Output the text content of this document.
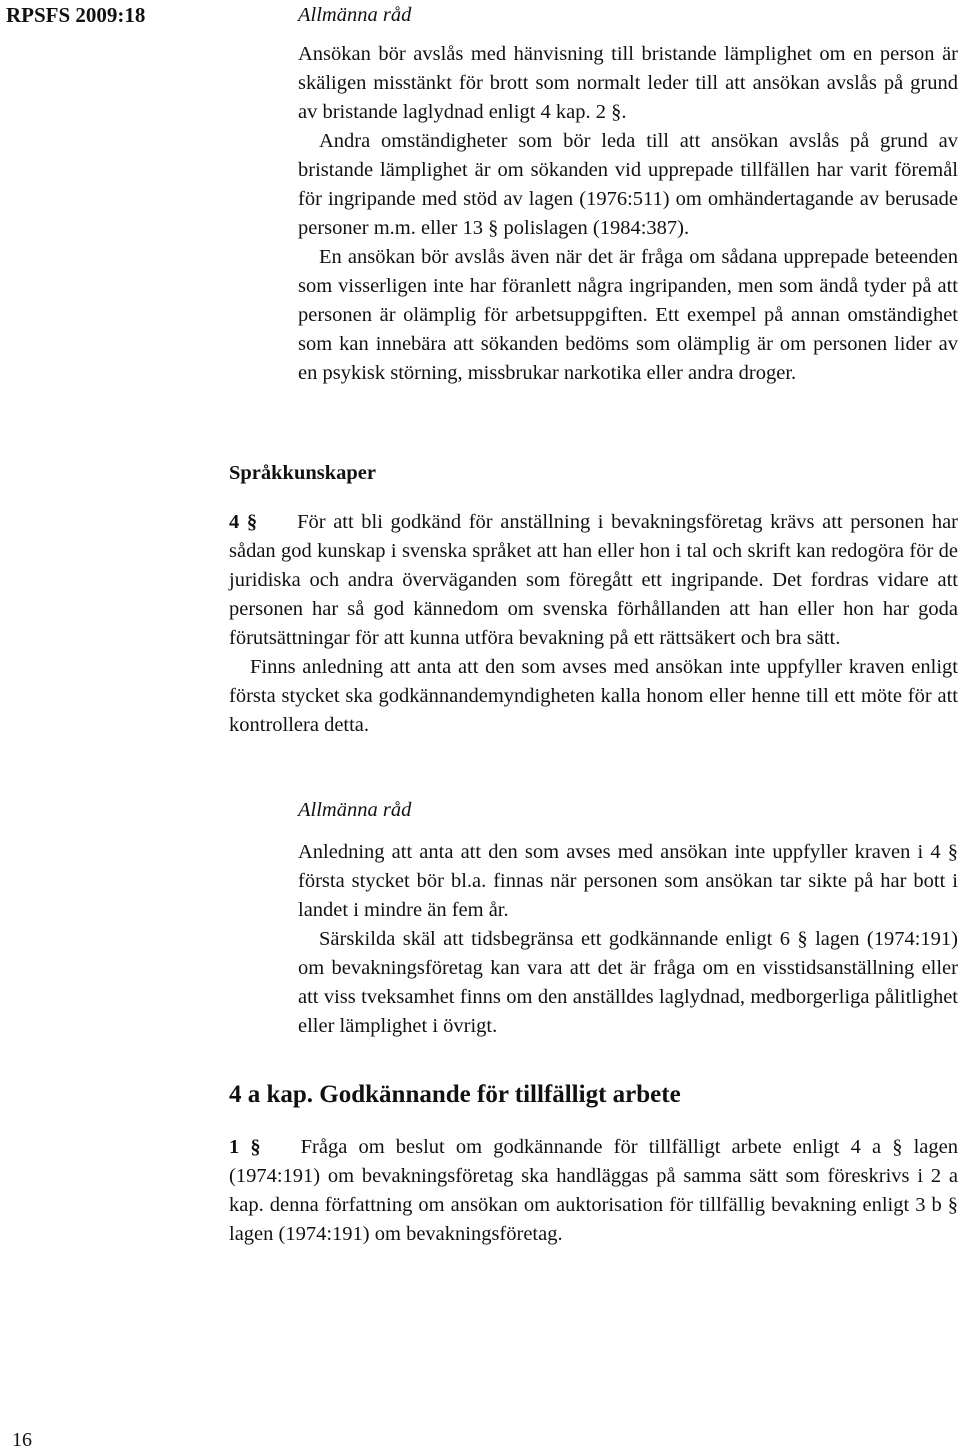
RPSFS 2009:18	Allmänna råd

Ansökan bör avslås med hänvisning till bristande lämplighet om en person är skäligen misstänkt för brott som normalt leder till att ansökan avslås på grund av bristande laglydnad enligt 4 kap. 2 §.

Andra omständigheter som bör leda till att ansökan avslås på grund av bristande lämplighet är om sökanden vid upprepade tillfällen har varit föremål för ingripande med stöd av lagen (1976:511) om omhändertagande av berusade personer m.m. eller 13 § polislagen (1984:387).

En ansökan bör avslås även när det är fråga om sådana upprepade beteenden som visserligen inte har föranlett några ingripanden, men som ändå tyder på att personen är olämplig för arbetsuppgiften. Ett exempel på annan omständighet som kan innebära att sökanden bedöms som olämplig är om personen lider av en psykisk störning, missbrukar narkotika eller andra droger.

Språkkunskaper

4 § För att bli godkänd för anställning i bevakningsföretag krävs att personen har sådan god kunskap i svenska språket att han eller hon i tal och skrift kan redogöra för de juridiska och andra överväganden som föregått ett ingripande. Det fordras vidare att personen har så god kännedom om svenska förhållanden att han eller hon har goda förutsättningar för att kunna utföra bevakning på ett rättsäkert och bra sätt.

Finns anledning att anta att den som avses med ansökan inte uppfyller kraven enligt första stycket ska godkännandemyndigheten kalla honom eller henne till ett möte för att kontrollera detta.

Allmänna råd

Anledning att anta att den som avses med ansökan inte uppfyller kraven i 4 § första stycket bör bl.a. finnas när personen som ansökan tar sikte på har bott i landet i mindre än fem år.

Särskilda skäl att tidsbegränsa ett godkännande enligt 6 § lagen (1974:191) om bevakningsföretag kan vara att det är fråga om en visstidsanställning eller att viss tveksamhet finns om den anställdes laglydnad, medborgerliga pålitlighet eller lämplighet i övrigt.

4 a kap. Godkännande för tillfälligt arbete

1 § Fråga om beslut om godkännande för tillfälligt arbete enligt 4 a § lagen (1974:191) om bevakningsföretag ska handläggas på samma sätt som föreskrivs i 2 a kap. denna författning om ansökan om auktorisation för tillfällig bevakning enligt 3 b § lagen (1974:191) om bevakningsföretag.

16
